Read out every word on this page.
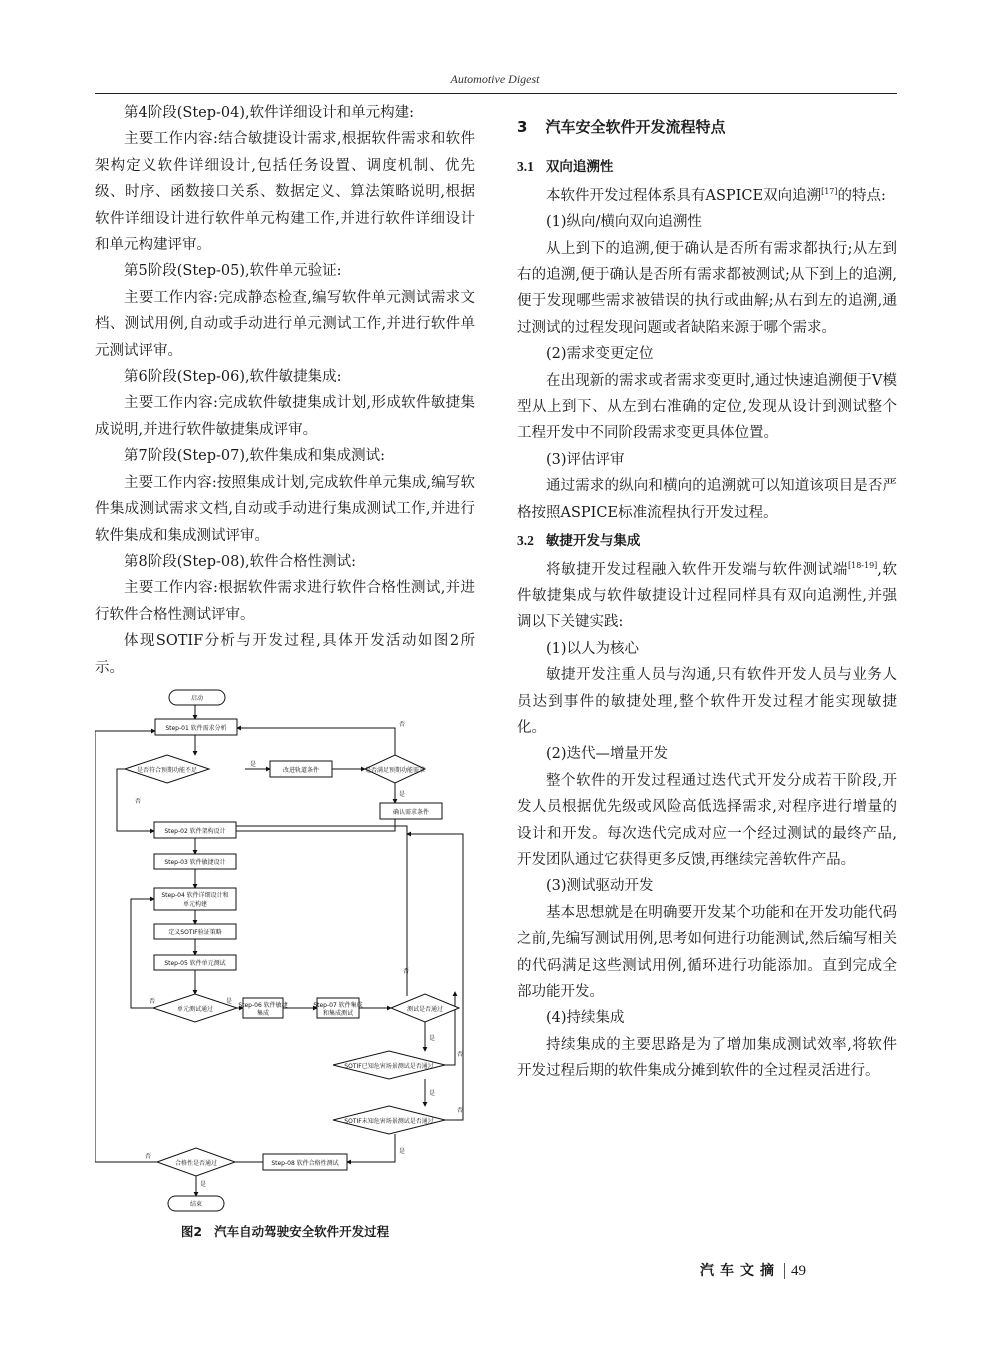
Automotive Digest

第4阶段(Step-04),软件详细设计和单元构建:

主要工作内容:结合敏捷设计需求,根据软件需求和软件架构定义软件详细设计,包括任务设置、调度机制、优先级、时序、函数接口关系、数据定义、算法策略说明,根据软件详细设计进行软件单元构建工作,并进行软件详细设计和单元构建评审。

第5阶段(Step-05),软件单元验证:

主要工作内容:完成静态检查,编写软件单元测试需求文档、测试用例,自动或手动进行单元测试工作,并进行软件单元测试评审。

第6阶段(Step-06),软件敏捷集成:

主要工作内容:完成软件敏捷集成计划,形成软件敏捷集成说明,并进行软件敏捷集成评审。

第7阶段(Step-07),软件集成和集成测试:

主要工作内容:按照集成计划,完成软件单元集成,编写软件集成测试需求文档,自动或手动进行集成测试工作,并进行软件集成和集成测试评审。

第8阶段(Step-08),软件合格性测试:

主要工作内容:根据软件需求进行软件合格性测试,并进行软件合格性测试评审。

体现SOTIF分析与开发过程,具体开发活动如图2所示。

启动
Step-01 软件需求分析
是否符合预期功能不足	改进轨道条件	是否满足预期功能需求
确认需求条件
Step-02 软件架构设计
Step-03 软件敏捷设计
Step-04 软件详细设计和
单元构建
定义SOTIF验证策略
Step-05 软件单元测试
单元测试通过
Step-06 软件敏捷
集成
Step-07 软件集成
和集成测试
测试是否通过
SOTIF已知危害场景测试是否通过
SOTIF未知危害场景测试是否通过
Step-08 软件合格性测试
合格性是否通过
结束
是
否
是
否
否	是
否
是
否
是
否
是
否
是
图2 汽车自动驾驶安全软件开发过程
3 汽车安全软件开发流程特点
3.1 双向追溯性

本软件开发过程体系具有ASPICE双向追溯[17]的特点:

(1)纵向/横向双向追溯性

从上到下的追溯,便于确认是否所有需求都执行;从左到右的追溯,便于确认是否所有需求都被测试;从下到上的追溯,便于发现哪些需求被错误的执行或曲解;从右到左的追溯,通过测试的过程发现问题或者缺陷来源于哪个需求。

(2)需求变更定位

在出现新的需求或者需求变更时,通过快速追溯便于V模型从上到下、从左到右准确的定位,发现从设计到测试整个工程开发中不同阶段需求变更具体位置。

(3)评估评审

通过需求的纵向和横向的追溯就可以知道该项目是否严格按照ASPICE标准流程执行开发过程。

3.2 敏捷开发与集成

将敏捷开发过程融入软件开发端与软件测试端[18-19],软件敏捷集成与软件敏捷设计过程同样具有双向追溯性,并强调以下关键实践:

(1)以人为核心

敏捷开发注重人员与沟通,只有软件开发人员与业务人员达到事件的敏捷处理,整个软件开发过程才能实现敏捷化。

(2)迭代—增量开发

整个软件的开发过程通过迭代式开发分成若干阶段,开发人员根据优先级或风险高低选择需求,对程序进行增量的设计和开发。每次迭代完成对应一个经过测试的最终产品,开发团队通过它获得更多反馈,再继续完善软件产品。

(3)测试驱动开发

基本思想就是在明确要开发某个功能和在开发功能代码之前,先编写测试用例,思考如何进行功能测试,然后编写相关的代码满足这些测试用例,循环进行功能添加。直到完成全部功能开发。

(4)持续集成

持续集成的主要思路是为了增加集成测试效率,将软件开发过程后期的软件集成分摊到软件的全过程灵活进行。

汽车文摘 49
